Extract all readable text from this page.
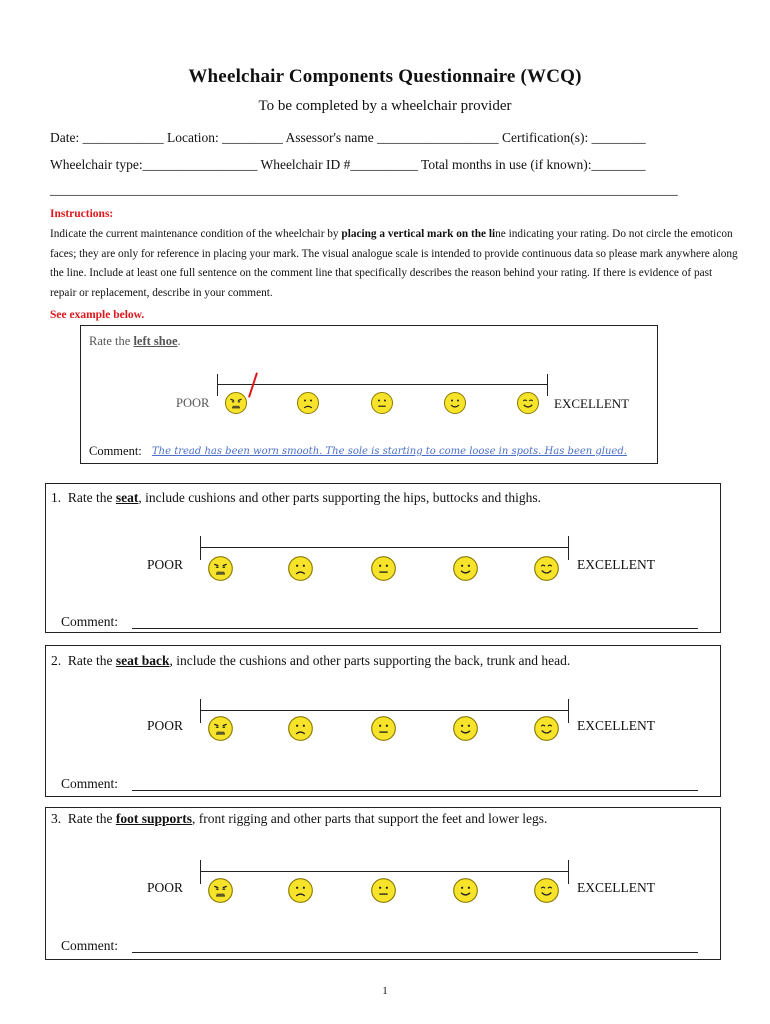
Wheelchair Components Questionnaire (WCQ)
To be completed by a wheelchair provider
Date: ____________ Location: _________ Assessor's name __________________ Certification(s): ________
Wheelchair type:_________________ Wheelchair ID #__________ Total months in use (if known):________
_____________________________________________________________________________________________
Instructions:
Indicate the current maintenance condition of the wheelchair by placing a vertical mark on the line indicating your rating. Do not circle the emoticon faces; they are only for reference in placing your mark. The visual analogue scale is intended to provide continuous data so please mark anywhere along the line. Include at least one full sentence on the comment line that specifically describes the reason behind your rating. If there is evidence of past repair or replacement, describe in your comment.
See example below.
Rate the left shoe.
POOR	EXCELLENT
Comment: The tread has been worn smooth. The sole is starting to come loose in spots. Has been glued.
1. Rate the seat, include cushions and other parts supporting the hips, buttocks and thighs.
POOR	EXCELLENT
Comment:
2. Rate the seat back, include the cushions and other parts supporting the back, trunk and head.
POOR	EXCELLENT
Comment:
3. Rate the foot supports, front rigging and other parts that support the feet and lower legs.
POOR	EXCELLENT
Comment:
1
